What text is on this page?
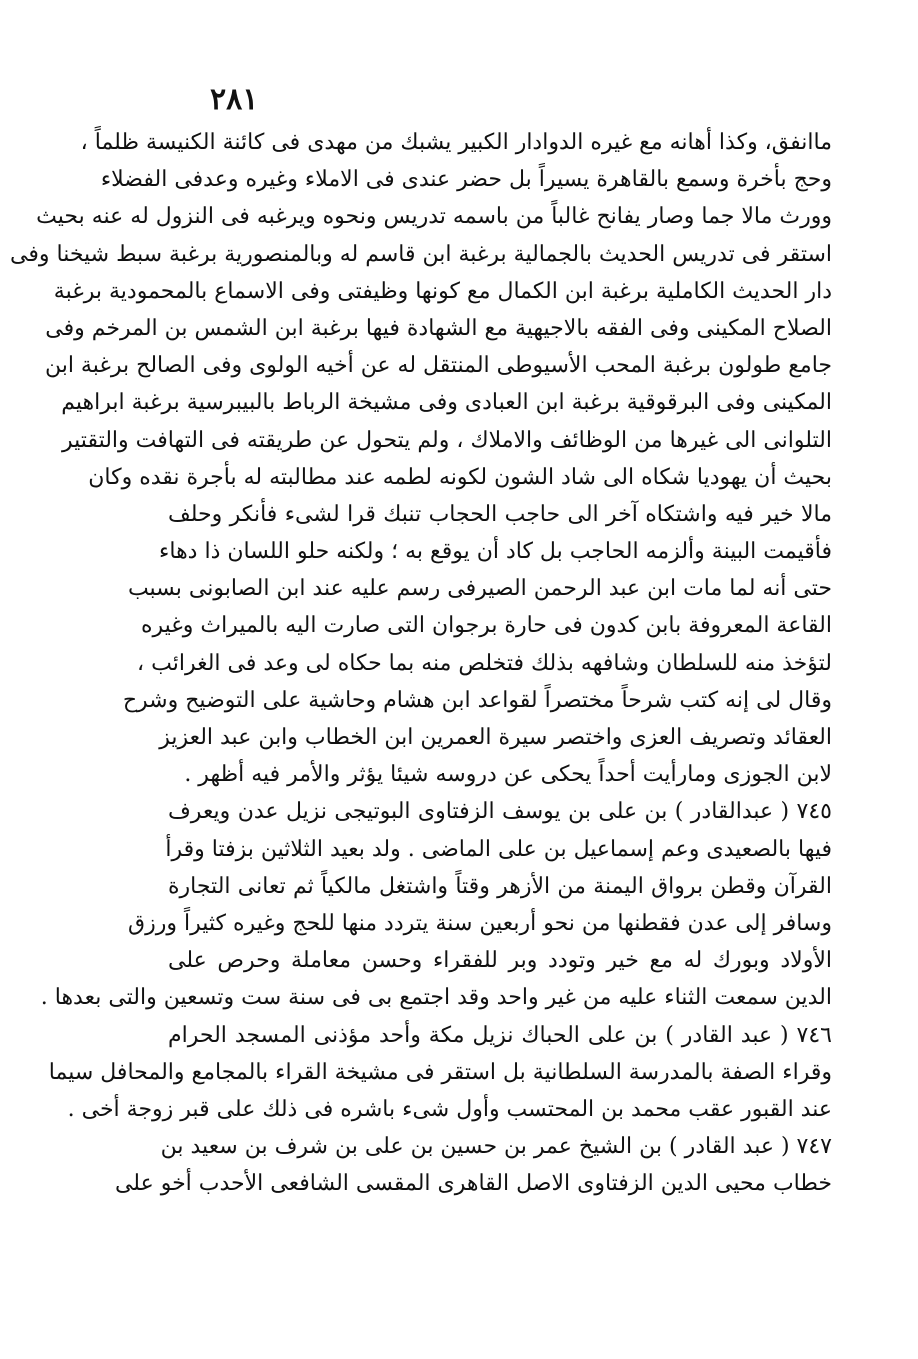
٢٨١
ماانفق، وكذا أهانه مع غيره الدوادار الكبير يشبك من مهدى فى كائنة الكنيسة ظلماً ،
وحج بأخرة وسمع بالقاهرة يسيراً بل حضر عندى فى الاملاء وغيره وعدفى الفضلاء
وورث مالا جما وصار يفانح غالباً من باسمه تدريس ونحوه ويرغبه فى النزول له عنه بحيث
استقر فى تدريس الحديث بالجمالية برغبة ابن قاسم له وبالمنصورية برغبة سبط شيخنا وفى
دار الحديث الكاملية برغبة ابن الكمال مع كونها وظيفتى وفى الاسماع بالمحمودية برغبة
الصلاح المكينى وفى الفقه بالاجيهية مع الشهادة فيها برغبة ابن الشمس بن المرخم وفى
جامع طولون برغبة المحب الأسيوطى المنتقل له عن أخيه الولوى وفى الصالح برغبة ابن
المكينى وفى البرقوقية برغبة ابن العبادى وفى مشيخة الرباط بالبيبرسية برغبة ابراهيم
التلوانى الى غيرها من الوظائف والاملاك ، ولم يتحول عن طريقته فى التهافت والتقتير
بحيث أن يهوديا شكاه الى شاد الشون لكونه لطمه عند مطالبته له بأجرة نقده وكان
مالا خير فيه واشتكاه آخر الى حاجب الحجاب تنبك قرا لشىء فأنكر وحلف
فأقيمت البينة وألزمه الحاجب بل كاد أن يوقع به ؛ ولكنه حلو اللسان ذا دهاء
حتى أنه لما مات ابن عبد الرحمن الصيرفى رسم عليه عند ابن الصابونى بسبب
القاعة المعروفة بابن كدون فى حارة برجوان التى صارت اليه بالميراث وغيره
لتؤخذ منه للسلطان وشافهه بذلك فتخلص منه بما حكاه لى وعد فى الغرائب ،
وقال لى إنه كتب شرحاً مختصراً لقواعد ابن هشام وحاشية على التوضيح وشرح
العقائد وتصريف العزى واختصر سيرة العمرين ابن الخطاب وابن عبد العزيز
لابن الجوزى ومارأيت أحداً يحكى عن دروسه شيئا يؤثر والأمر فيه أظهر .
٧٤٥ ( عبدالقادر ) بن على بن يوسف الزفتاوى البوتيجى نزيل عدن ويعرف
فيها بالصعيدى وعم إسماعيل بن على الماضى . ولد بعيد الثلاثين بزفتا وقرأ
القرآن وقطن برواق اليمنة من الأزهر وقتاً واشتغل مالكياً ثم تعانى التجارة
وسافر إلى عدن فقطنها من نحو أربعين سنة يتردد منها للحج وغيره كثيراً ورزق
الأولاد وبورك له مع خير وتودد وبر للفقراء وحسن معاملة وحرص على
الدين سمعت الثناء عليه من غير واحد وقد اجتمع بى فى سنة ست وتسعين والتى بعدها .
٧٤٦ ( عبد القادر ) بن على الحباك نزيل مكة وأحد مؤذنى المسجد الحرام
وقراء الصفة بالمدرسة السلطانية بل استقر فى مشيخة القراء بالمجامع والمحافل سيما
عند القبور عقب محمد بن المحتسب وأول شىء باشره فى ذلك على قبر زوجة أخى .
٧٤٧ ( عبد القادر ) بن الشيخ عمر بن حسين بن على بن شرف بن سعيد بن
خطاب محيى الدين الزفتاوى الاصل القاهرى المقسى الشافعى الأحدب أخو على
